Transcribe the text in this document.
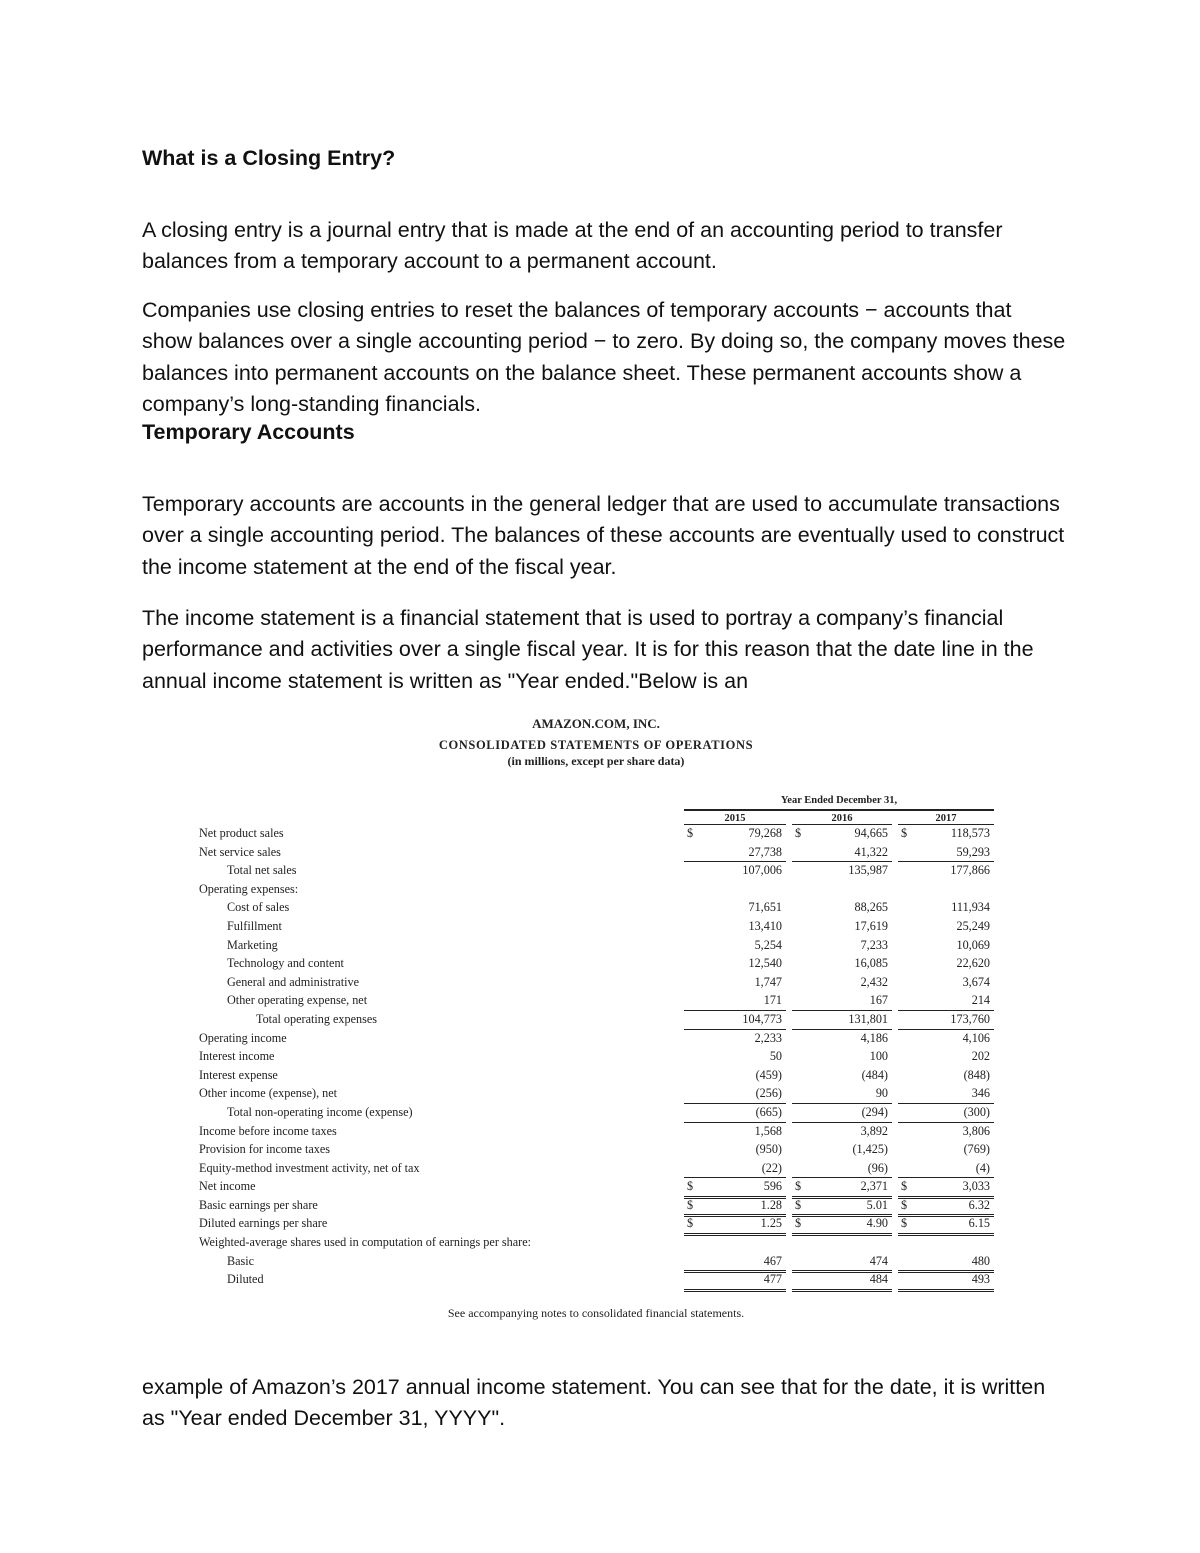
What is a Closing Entry?

A closing entry is a journal entry that is made at the end of an accounting period to transfer balances from a temporary account to a permanent account.

Companies use closing entries to reset the balances of temporary accounts − accounts that show balances over a single accounting period − to zero. By doing so, the company moves these balances into permanent accounts on the balance sheet. These permanent accounts show a company’s long-standing financials.

Temporary Accounts

Temporary accounts are accounts in the general ledger that are used to accumulate transactions over a single accounting period. The balances of these accounts are eventually used to construct the income statement at the end of the fiscal year.

The income statement is a financial statement that is used to portray a company’s financial performance and activities over a single fiscal year. It is for this reason that the date line in the annual income statement is written as "Year ended."Below is an

AMAZON.COM, INC.
CONSOLIDATED STATEMENTS OF OPERATIONS
(in millions, except per share data)
Year Ended December 31,
2015	2016	2017
Net product sales	$	79,268 $	94,665 $	118,573
Net service sales	27,738	41,322	59,293
Total net sales	107,006	135,987	177,866
Operating expenses:
Cost of sales	71,651	88,265	111,934
Fulfillment	13,410	17,619	25,249
Marketing	5,254	7,233	10,069
Technology and content	12,540	16,085	22,620
General and administrative	1,747	2,432	3,674
Other operating expense, net	171	167	214
Total operating expenses	104,773	131,801	173,760
Operating income	2,233	4,186	4,106
Interest income	50	100	202
Interest expense	(459)	(484)	(848)
Other income (expense), net	(256)	90	346
Total non-operating income (expense)	(665)	(294)	(300)
Income before income taxes	1,568	3,892	3,806
Provision for income taxes	(950)	(1,425)	(769)
Equity-method investment activity, net of tax	(22)	(96)	(4)
Net income	$	596 $	2,371 $	3,033
Basic earnings per share	$	1.28 $	5.01 $	6.32
Diluted earnings per share	$	1.25 $	4.90 $	6.15
Weighted-average shares used in computation of earnings per share:
Basic	467	474	480
Diluted	477	484	493
See accompanying notes to consolidated financial statements.

example of Amazon’s 2017 annual income statement. You can see that for the date, it is written as "Year ended December 31, YYYY".
